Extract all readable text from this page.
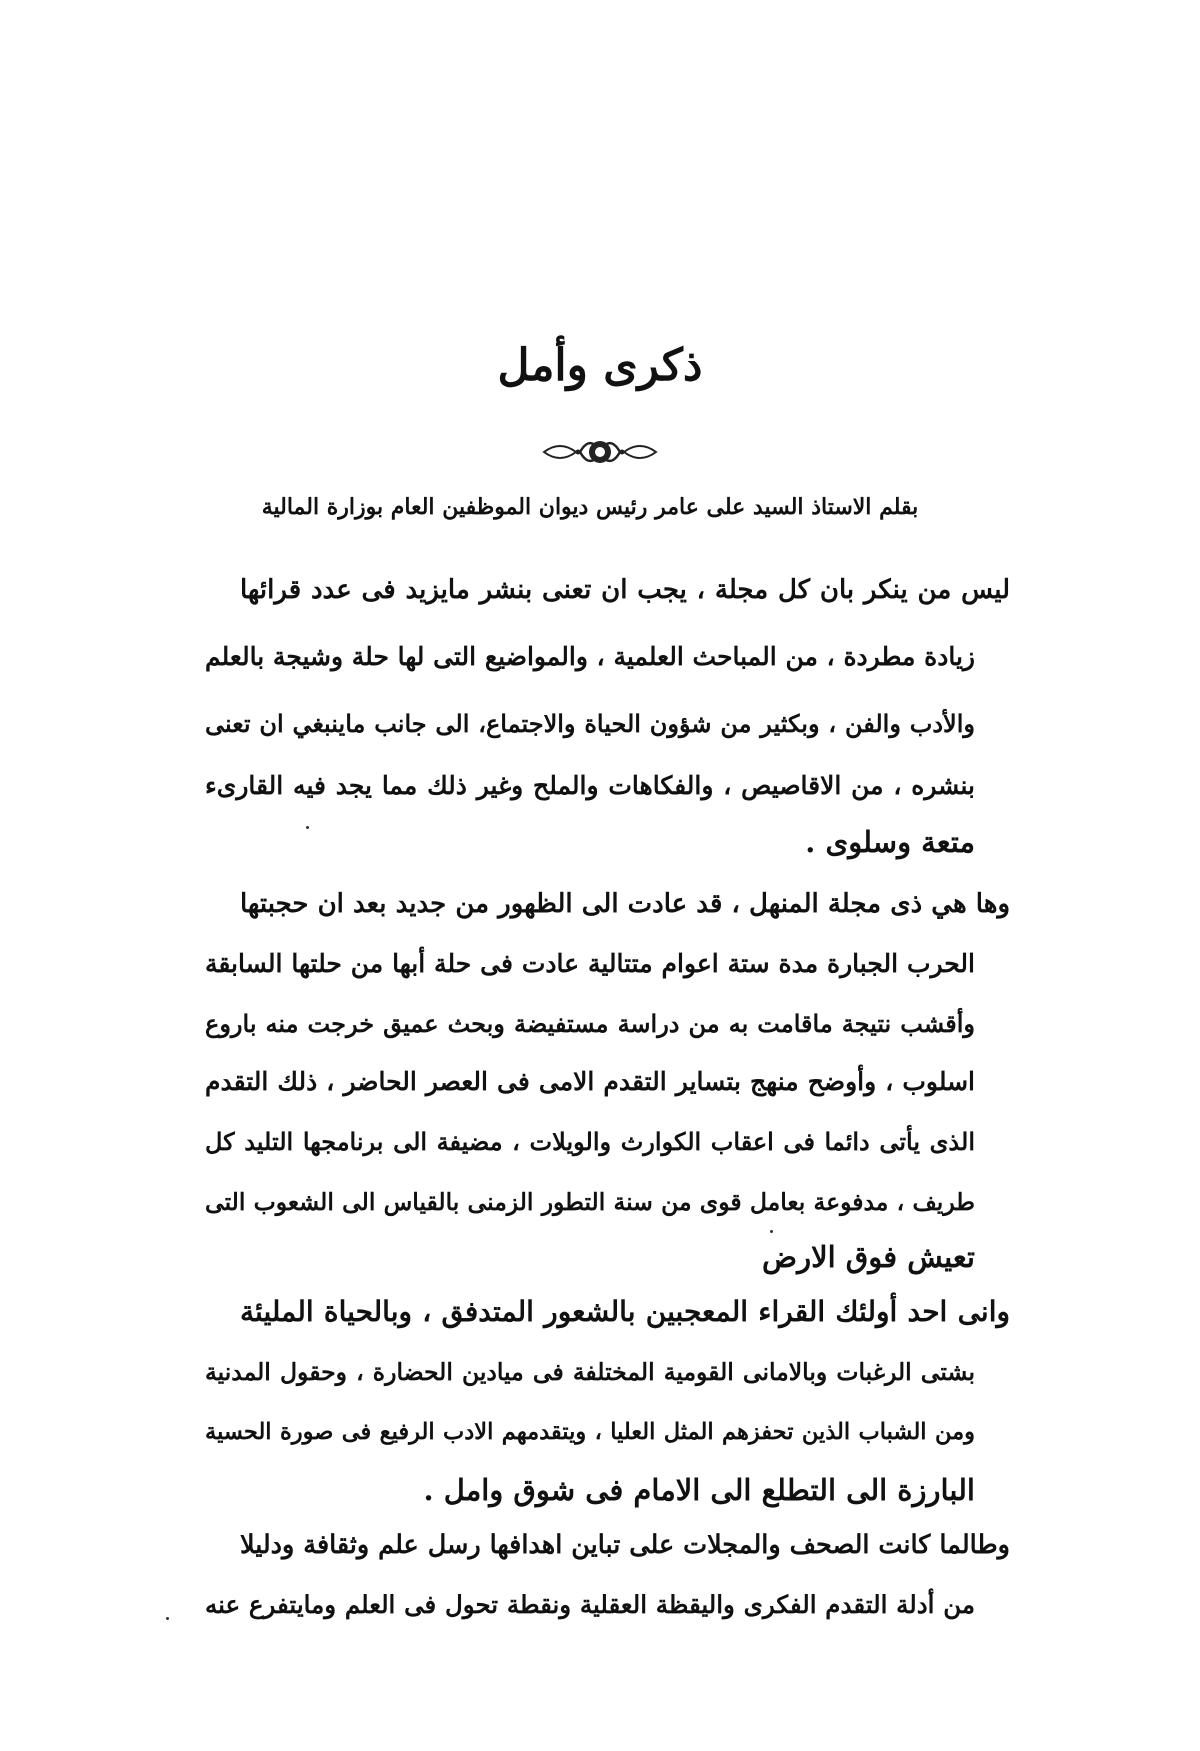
ذكرى وأمل

بقلم الاستاذ السيد على عامر رئيس ديوان الموظفين العام بوزارة المالية

ليس من ينكر بان كل مجلة ، يجب ان تعنى بنشر مايزيد فى عدد قرائها

زيادة مطردة ، من المباحث العلمية ، والمواضيع التى لها حلة وشيجة بالعلم

والأدب والفن ، وبكثير من شؤون الحياة والاجتماع، الى جانب ماينبغي ان تعنى

بنشره ، من الاقاصيص ، والفكاهات والملح وغير ذلك مما يجد فيه القارىء

متعة وسلوى .

وها هي ذى مجلة المنهل ، قد عادت الى الظهور من جديد بعد ان حجبتها

الحرب الجبارة مدة ستة اعوام متتالية عادت فى حلة أبها من حلتها السابقة

وأقشب نتيجة ماقامت به من دراسة مستفيضة وبحث عميق خرجت منه باروع

اسلوب ، وأوضح منهج بتساير التقدم الامى فى العصر الحاضر ، ذلك التقدم

الذى يأتى دائما فى اعقاب الكوارث والويلات ، مضيفة الى برنامجها التليد كل

طريف ، مدفوعة بعامل قوى من سنة التطور الزمنى بالقياس الى الشعوب التى

تعيش فوق الارض

وانى احد أولئك القراء المعجبين بالشعور المتدفق ، وبالحياة المليئة

بشتى الرغبات وبالامانى القومية المختلفة فى ميادين الحضارة ، وحقول المدنية

ومن الشباب الذين تحفزهم المثل العليا ، ويتقدمهم الادب الرفيع فى صورة الحسية

البارزة الى التطلع الى الامام فى شوق وامل .

وطالما كانت الصحف والمجلات على تباين اهدافها رسل علم وثقافة ودليلا

من أدلة التقدم الفكرى واليقظة العقلية ونقطة تحول فى العلم ومايتفرع عنه
